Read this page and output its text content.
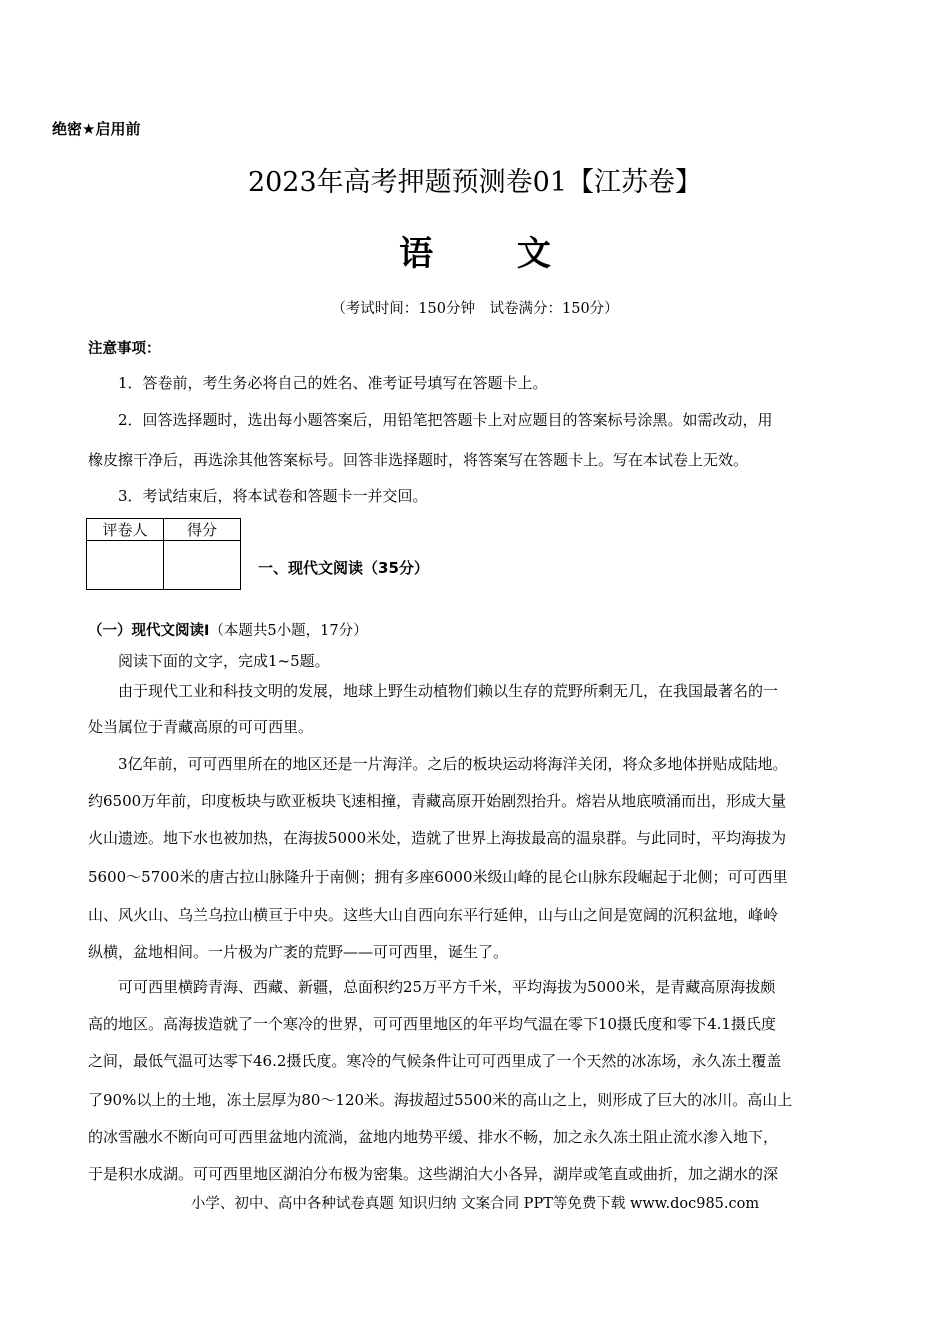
绝密★启用前
2023年高考押题预测卷01【江苏卷】
语 文
（考试时间：150分钟　试卷满分：150分）
注意事项：
1．答卷前，考生务必将自己的姓名、准考证号填写在答题卡上。
2．回答选择题时，选出每小题答案后，用铅笔把答题卡上对应题目的答案标号涂黑。如需改动，用
橡皮擦干净后，再选涂其他答案标号。回答非选择题时，将答案写在答题卡上。写在本试卷上无效。
3．考试结束后，将本试卷和答题卡一并交回。
评卷人	得分

一、现代文阅读（35分）
（一）现代文阅读I（本题共5小题，17分）
阅读下面的文字，完成1~5题。
由于现代工业和科技文明的发展，地球上野生动植物们赖以生存的荒野所剩无几，在我国最著名的一
处当属位于青藏高原的可可西里。
3亿年前，可可西里所在的地区还是一片海洋。之后的板块运动将海洋关闭，将众多地体拼贴成陆地。
约6500万年前，印度板块与欧亚板块飞速相撞，青藏高原开始剧烈抬升。熔岩从地底喷涌而出，形成大量
火山遗迹。地下水也被加热，在海拔5000米处，造就了世界上海拔最高的温泉群。与此同时，平均海拔为
5600～5700米的唐古拉山脉隆升于南侧；拥有多座6000米级山峰的昆仑山脉东段崛起于北侧；可可西里
山、风火山、乌兰乌拉山横亘于中央。这些大山自西向东平行延伸，山与山之间是宽阔的沉积盆地，峰岭
纵横，盆地相间。一片极为广袤的荒野——可可西里，诞生了。
可可西里横跨青海、西藏、新疆，总面积约25万平方千米，平均海拔为5000米，是青藏高原海拔颇
高的地区。高海拔造就了一个寒冷的世界，可可西里地区的年平均气温在零下10摄氏度和零下4.1摄氏度
之间，最低气温可达零下46.2摄氏度。寒冷的气候条件让可可西里成了一个天然的冰冻场，永久冻土覆盖
了90%以上的土地，冻土层厚为80～120米。海拔超过5500米的高山之上，则形成了巨大的冰川。高山上
的冰雪融水不断向可可西里盆地内流淌，盆地内地势平缓、排水不畅，加之永久冻土阻止流水渗入地下，
于是积水成湖。可可西里地区湖泊分布极为密集。这些湖泊大小各异，湖岸或笔直或曲折，加之湖水的深
小学、初中、高中各种试卷真题 知识归纳 文案合同 PPT等免费下载 www.doc985.com
